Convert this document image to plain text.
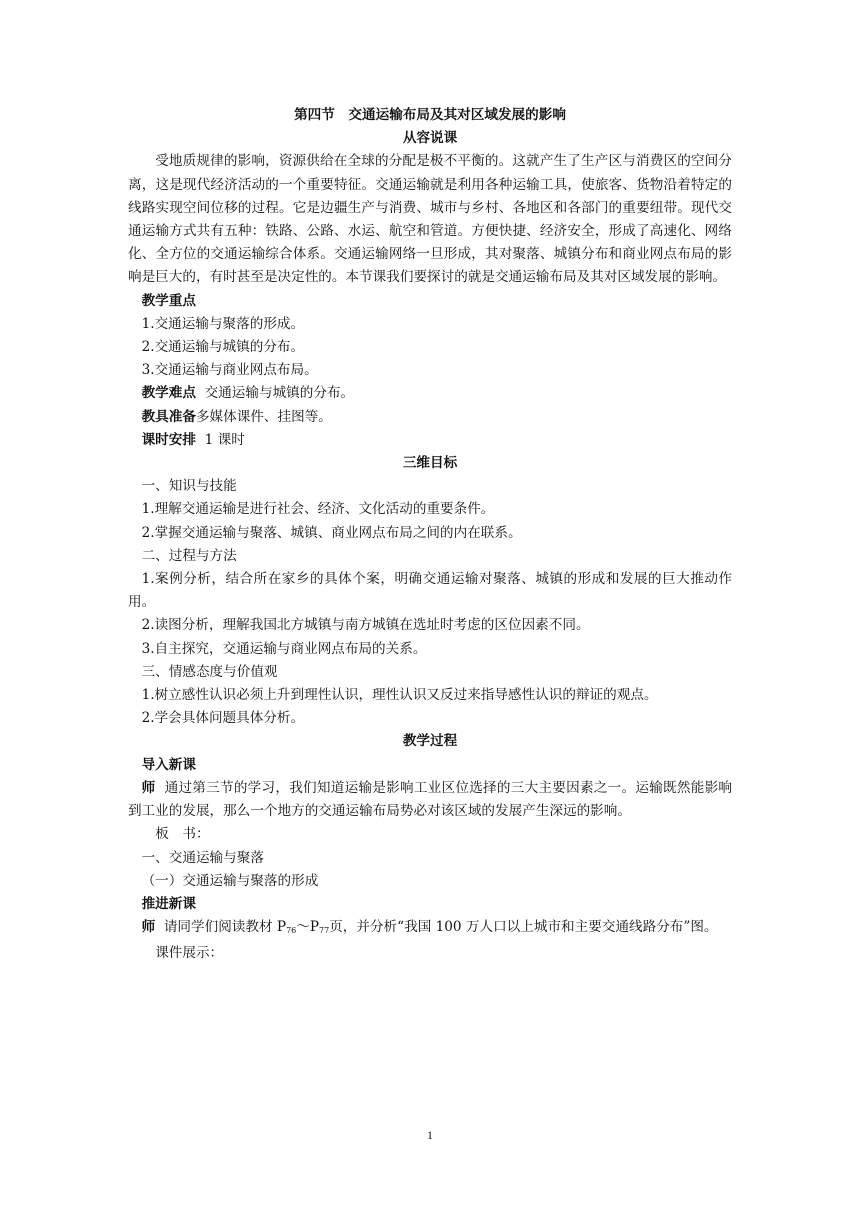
第四节　交通运输布局及其对区域发展的影响

从容说课

受地质规律的影响，资源供给在全球的分配是极不平衡的。这就产生了生产区与消费区的空间分离，这是现代经济活动的一个重要特征。交通运输就是利用各种运输工具，使旅客、货物沿着特定的线路实现空间位移的过程。它是边疆生产与消费、城市与乡村、各地区和各部门的重要纽带。现代交通运输方式共有五种：铁路、公路、水运、航空和管道。方便快捷、经济安全，形成了高速化、网络化、全方位的交通运输综合体系。交通运输网络一旦形成，其对聚落、城镇分布和商业网点布局的影响是巨大的，有时甚至是决定性的。本节课我们要探讨的就是交通运输布局及其对区域发展的影响。

教学重点

1.交通运输与聚落的形成。

2.交通运输与城镇的分布。

3.交通运输与商业网点布局。

教学难点 交通运输与城镇的分布。

教具准备多媒体课件、挂图等。

课时安排 1 课时

三维目标

一、知识与技能

1.理解交通运输是进行社会、经济、文化活动的重要条件。

2.掌握交通运输与聚落、城镇、商业网点布局之间的内在联系。

二、过程与方法

1.案例分析，结合所在家乡的具体个案，明确交通运输对聚落、城镇的形成和发展的巨大推动作用。

2.读图分析，理解我国北方城镇与南方城镇在选址时考虑的区位因素不同。

3.自主探究，交通运输与商业网点布局的关系。

三、情感态度与价值观

1.树立感性认识必须上升到理性认识，理性认识又反过来指导感性认识的辩证的观点。

2.学会具体问题具体分析。

教学过程

导入新课

师 通过第三节的学习，我们知道运输是影响工业区位选择的三大主要因素之一。运输既然能影响到工业的发展，那么一个地方的交通运输布局势必对该区域的发展产生深远的影响。

板　书：

一、交通运输与聚落

（一）交通运输与聚落的形成

推进新课

师 请同学们阅读教材 $P_{76}\sim P_{77}$页，并分析“我国 100 万人口以上城市和主要交通线路分布”图。

课件展示：

1
